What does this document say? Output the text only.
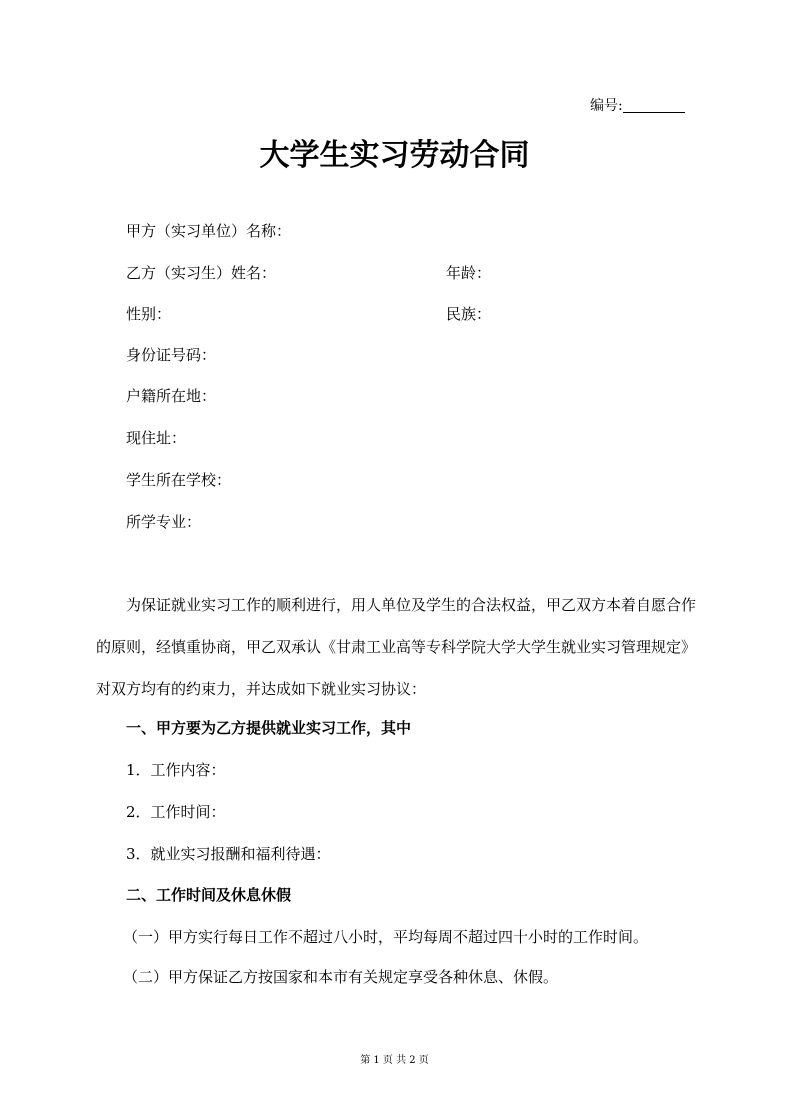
编号:
大学生实习劳动合同
甲方（实习单位）名称：
乙方（实习生）姓名：	年龄：
性别：	民族：
身份证号码：
户籍所在地：
现住址：
学生所在学校：
所学专业：
为保证就业实习工作的顺利进行，用人单位及学生的合法权益，甲乙双方本着自愿合作的原则，经慎重协商，甲乙双承认《甘肃工业高等专科学院大学大学生就业实习管理规定》对双方均有的约束力，并达成如下就业实习协议：
一、甲方要为乙方提供就业实习工作，其中
1．工作内容：
2．工作时间：
3．就业实习报酬和福利待遇：
二、工作时间及休息休假
（一）甲方实行每日工作不超过八小时，平均每周不超过四十小时的工作时间。
（二）甲方保证乙方按国家和本市有关规定享受各种休息、休假。
第 1 页 共 2 页
